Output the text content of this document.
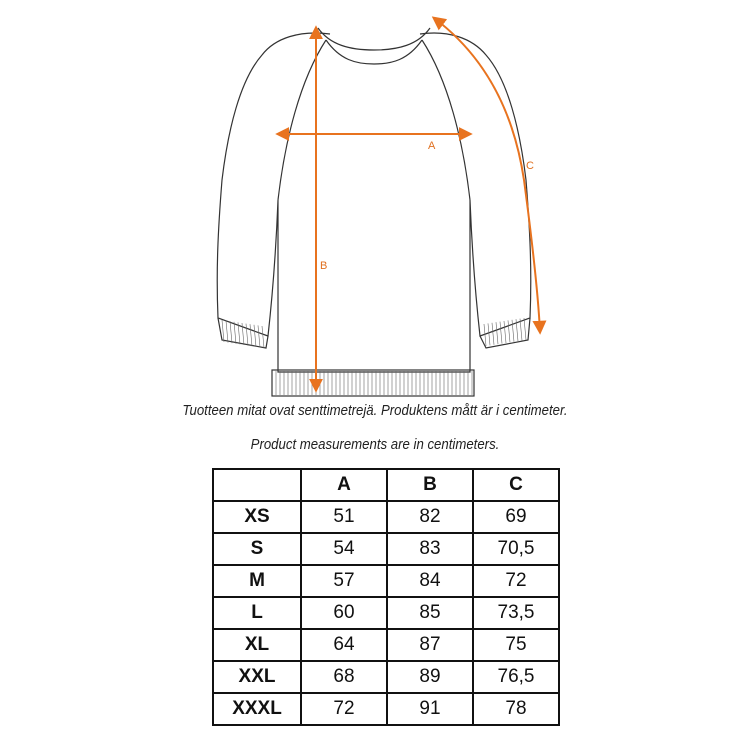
A
B
C
Tuotteen mitat ovat senttimetrejä. Produktens mått är i centimeter.
Product measurements are in centimeters.
	A	B	C
XS	51	82	69
S	54	83	70,5
M	57	84	72
L	60	85	73,5
XL	64	87	75
XXL	68	89	76,5
XXXL	72	91	78
